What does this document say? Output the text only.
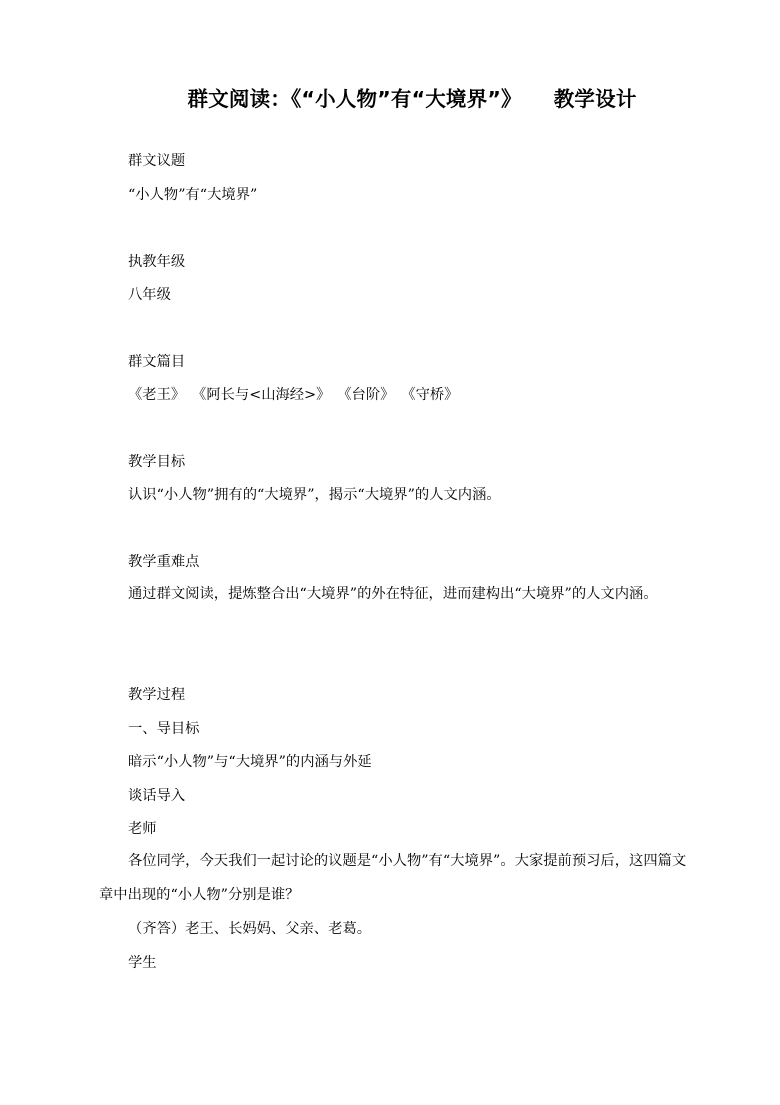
群文阅读：《“小人物”有“大境界”》 教学设计
群文议题
“小人物”有“大境界”
执教年级
八年级
群文篇目
《老王》 《阿长与<山海经>》 《台阶》 《守桥》
教学目标
认识“小人物”拥有的“大境界”，揭示“大境界”的人文内涵。
教学重难点
通过群文阅读，提炼整合出“大境界”的外在特征，进而建构出“大境界”的人文内涵。
教学过程
一、导目标
暗示“小人物”与“大境界”的内涵与外延
谈话导入
老师
各位同学，今天我们一起讨论的议题是“小人物”有“大境界”。大家提前预习后，这四篇文章中出现的“小人物”分别是谁？
（齐答）老王、长妈妈、父亲、老葛。
学生
